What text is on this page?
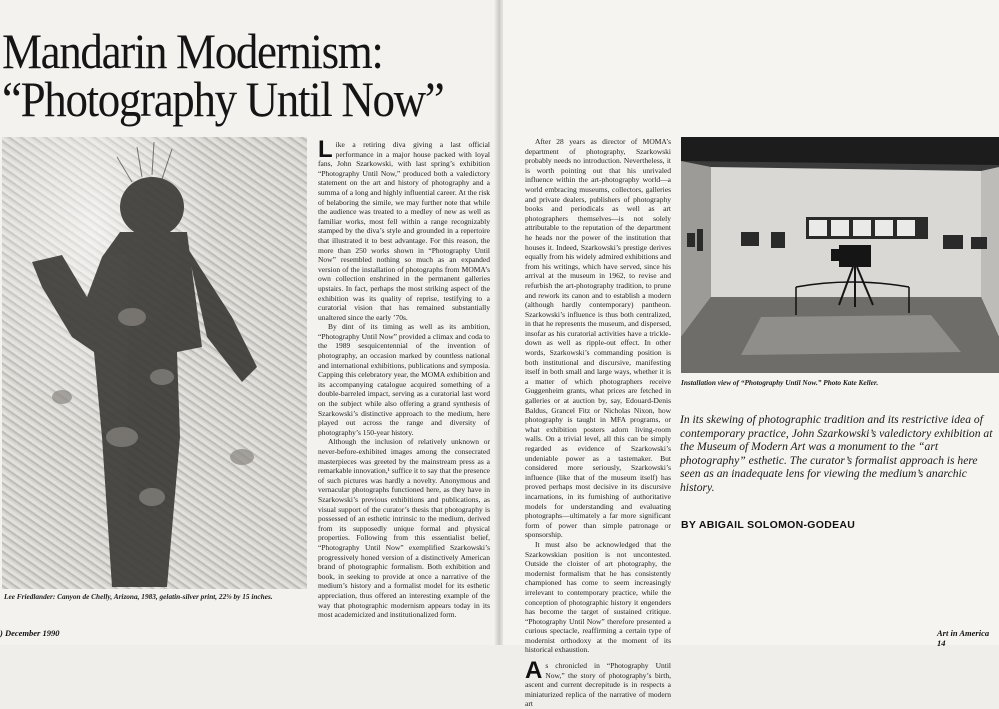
Mandarin Modernism:
“Photography Until Now”
Lee Friedlander: Canyon de Chelly, Arizona, 1983, gelatin-silver print, 22⅝ by 15 inches.

Like a retiring diva giving a last official performance in a major house packed with loyal fans, John Szarkowski, with last spring’s exhibition “Photography Until Now,” produced both a valedictory statement on the art and history of photography and a summa of a long and highly influential career. At the risk of belaboring the simile, we may further note that while the audience was treated to a medley of new as well as familiar works, most fell within a range recognizably stamped by the diva’s style and grounded in a repertoire that illustrated it to best advantage. For this reason, the more than 250 works shown in “Photography Until Now” resembled nothing so much as an expanded version of the installation of photographs from MOMA’s own collection enshrined in the permanent galleries upstairs. In fact, perhaps the most striking aspect of the exhibition was its quality of reprise, testifying to a curatorial vision that has remained substantially unaltered since the early ’70s.

By dint of its timing as well as its ambition, “Photography Until Now” provided a climax and coda to the 1989 sesquicentennial of the invention of photography, an occasion marked by countless national and international exhibitions, publications and symposia. Capping this celebratory year, the MOMA exhibition and its accompanying catalogue acquired something of a double-barreled impact, serving as a curatorial last word on the subject while also offering a grand synthesis of Szarkowski’s distinctive approach to the medium, here played out across the range and diversity of photography’s 150-year history.

Although the inclusion of relatively unknown or never-before-exhibited images among the consecrated masterpieces was greeted by the mainstream press as a remarkable innovation,¹ suffice it to say that the presence of such pictures was hardly a novelty. Anonymous and vernacular photographs functioned here, as they have in Szarkowski’s previous exhibitions and publications, as visual support of the curator’s thesis that photography is possessed of an esthetic intrinsic to the medium, derived from its supposedly unique formal and physical properties. Following from this essentialist belief, “Photography Until Now” exemplified Szarkowski’s progressively honed version of a distinctively American brand of photographic formalism. Both exhibition and book, in seeking to provide at once a narrative of the medium’s history and a formalist model for its esthetic appreciation, thus offered an interesting example of the way that photographic modernism appears today in its most academicized and institutionalized form.

) December 1990

After 28 years as director of MOMA’s department of photography, Szarkowski probably needs no introduction. Nevertheless, it is worth pointing out that his unrivaled influence within the art-photography world—a world embracing museums, collectors, galleries and private dealers, publishers of photography books and periodicals as well as art photographers themselves—is not solely attributable to the reputation of the department he heads nor the power of the institution that houses it. Indeed, Szarkowski’s prestige derives equally from his widely admired exhibitions and from his writings, which have served, since his arrival at the museum in 1962, to revise and refurbish the art-photography tradition, to prune and rework its canon and to establish a modern (although hardly contemporary) pantheon. Szarkowski’s influence is thus both centralized, in that he represents the museum, and dispersed, insofar as his curatorial activities have a trickle-down as well as ripple-out effect. In other words, Szarkowski’s commanding position is both institutional and discursive, manifesting itself in both small and large ways, whether it is a matter of which photographers receive Guggenheim grants, what prices are fetched in galleries or at auction by, say, Edouard-Denis Baldus, Grancel Fitz or Nicholas Nixon, how photography is taught in MFA programs, or what exhibition posters adorn living-room walls. On a trivial level, all this can be simply regarded as evidence of Szarkowski’s undeniable power as a tastemaker. But considered more seriously, Szarkowski’s influence (like that of the museum itself) has proved perhaps most decisive in its discursive incarnations, in its furnishing of authoritative models for understanding and evaluating photographs—ultimately a far more significant form of power than simple patronage or sponsorship.

It must also be acknowledged that the Szarkowskian position is not uncontested. Outside the cloister of art photography, the modernist formalism that he has consistently championed has come to seem increasingly irrelevant to contemporary practice, while the conception of photographic history it engenders has become the target of sustained critique. “Photography Until Now” therefore presented a curious spectacle, reaffirming a certain type of modernist orthodoxy at the moment of its historical exhaustion.

As chronicled in “Photography Until Now,” the story of photography’s birth, ascent and current decrepitude is in respects a miniaturized replica of the narrative of modern art

Installation view of “Photography Until Now.” Photo Kate Keller.
In its skewing of photographic tradition and its restrictive idea of contemporary practice, John Szarkowski’s valedictory exhibition at the Museum of Modern Art was a monument to the “art photography” esthetic. The curator’s formalist approach is here seen as an inadequate lens for viewing the medium’s anarchic history.
BY ABIGAIL SOLOMON-GODEAU
Art in America 14
